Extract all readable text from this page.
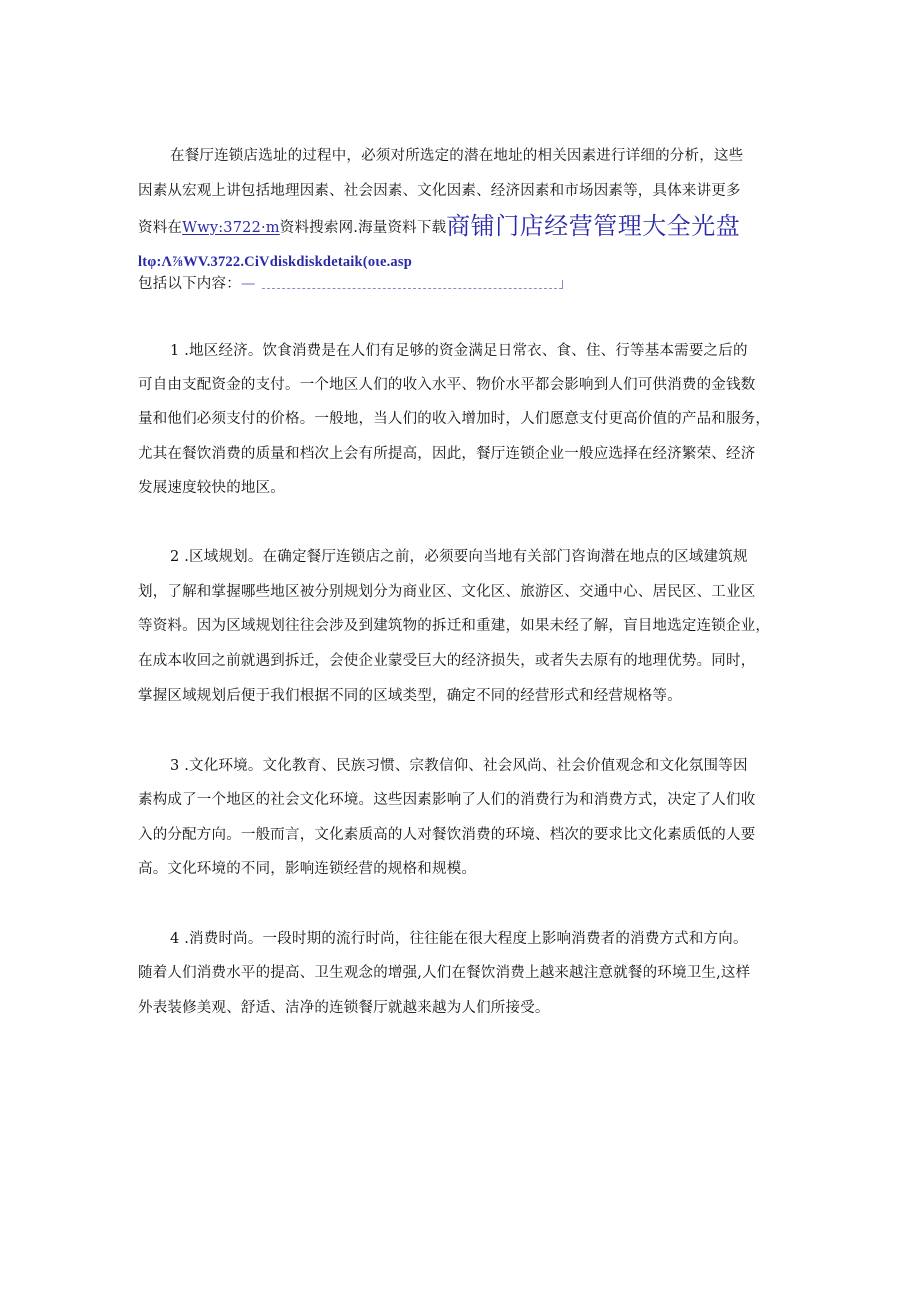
在餐厅连锁店选址的过程中，必须对所选定的潜在地址的相关因素进行详细的分析，这些
因素从宏观上讲包括地理因素、社会因素、文化因素、经济因素和市场因素等，具体来讲更多
资料在Wwy:3722·m资料搜索网.海量资料下载商铺门店经营管理大全光盘
ltφ:Λ⅞WV.3722.CiVdiskdiskdetaik(oιe.asp
包括以下内容：—
1 .地区经济。饮食消费是在人们有足够的资金满足日常衣、食、住、行等基本需要之后的
可自由支配资金的支付。一个地区人们的收入水平、物价水平都会影响到人们可供消费的金钱数
量和他们必须支付的价格。一般地，当人们的收入增加时，人们愿意支付更高价值的产品和服务，
尤其在餐饮消费的质量和档次上会有所提高，因此，餐厅连锁企业一般应选择在经济繁荣、经济
发展速度较快的地区。
2 .区域规划。在确定餐厅连锁店之前，必须要向当地有关部门咨询潜在地点的区域建筑规
划，了解和掌握哪些地区被分别规划分为商业区、文化区、旅游区、交通中心、居民区、工业区
等资料。因为区域规划往往会涉及到建筑物的拆迁和重建，如果未经了解，盲目地选定连锁企业，
在成本收回之前就遇到拆迁，会使企业蒙受巨大的经济损失，或者失去原有的地理优势。同时，
掌握区域规划后便于我们根据不同的区域类型，确定不同的经营形式和经营规格等。
3 .文化环境。文化教育、民族习惯、宗教信仰、社会风尚、社会价值观念和文化氛围等因
素构成了一个地区的社会文化环境。这些因素影响了人们的消费行为和消费方式，决定了人们收
入的分配方向。一般而言，文化素质高的人对餐饮消费的环境、档次的要求比文化素质低的人要
高。文化环境的不同，影响连锁经营的规格和规模。
4 .消费时尚。一段时期的流行时尚，往往能在很大程度上影响消费者的消费方式和方向。
随着人们消费水平的提高、卫生观念的增强,人们在餐饮消费上越来越注意就餐的环境卫生,这样
外表装修美观、舒适、洁净的连锁餐厅就越来越为人们所接受。
